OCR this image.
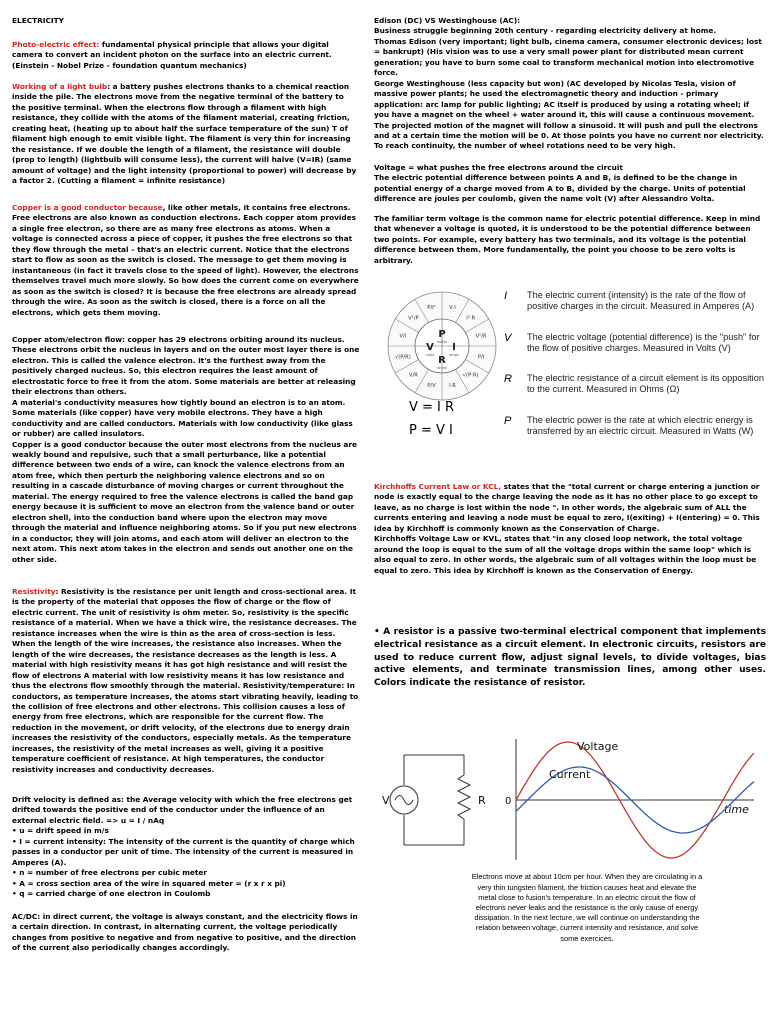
ELECTRICITY

Photo-electric effect: fundamental physical principle that allows your digital camera to convert an incident photon on the surface into an electric current. (Einstein - Nobel Prize - foundation quantum mechanics)

Working of a light bulb: a battery pushes electrons thanks to a chemical reaction inside the pile. The electrons move from the negative terminal of the battery to the positive terminal. When the electrons flow through a filament with high resistance, they collide with the atoms of the filament material, creating friction, creating heat, (heating up to about half the surface temperature of the sun) T of filament high enough to emit visible light. The filament is very thin for increasing the resistance. If we double the length of a filament, the resistance will double (prop to length) (lightbulb will consume less), the current will halve (V=IR) (same amount of voltage) and the light intensity (proportional to power) will decrease by a factor 2. (Cutting a filament = infinite resistance)

Copper is a good conductor because, like other metals, it contains free electrons. Free electrons are also known as conduction electrons. Each copper atom provides a single free electron, so there are as many free electrons as atoms. When a voltage is connected across a piece of copper, it pushes the free electrons so that they flow through the metal – that's an electric current. Notice that the electrons start to flow as soon as the switch is closed. The message to get them moving is instantaneous (in fact it travels close to the speed of light). However, the electrons themselves travel much more slowly. So how does the current come on everywhere as soon as the switch is closed? It is because the free electrons are already spread through the wire. As soon as the switch is closed, there is a force on all the electrons, which gets them moving.

Copper atom/electron flow: copper has 29 electrons orbiting around its nucleus. These electrons orbit the nucleus in layers and on the outer most layer there is one electron. This is called the valence electron. It's the furthest away from the positively charged nucleus. So, this electron requires the least amount of electrostatic force to free it from the atom. Some materials are better at releasing their electrons than others.
A material's conductivity measures how tightly bound an electron is to an atom. Some materials (like copper) have very mobile electrons. They have a high conductivity and are called conductors. Materials with low conductivity (like glass or rubber) are called insulators.
Copper is a good conductor because the outer most electrons from the nucleus are weakly bound and repulsive, such that a small perturbance, like a potential difference between two ends of a wire, can knock the valence electrons from an atom free, which then perturb the neighboring valence electrons and so on resulting in a cascade disturbance of moving charges or current throughout the material. The energy required to free the valence electrons is called the band gap energy because it is sufficient to move an electron from the valence band or outer electron shell, into the conduction band where upon the electron may move through the material and influence neighboring atoms. So if you put new electrons in a conductor, they will join atoms, and each atom will deliver an electron to the next atom. This next atom takes in the electron and sends out another one on the other side.

Resistivity: Resistivity is the resistance per unit length and cross-sectional area. It is the property of the material that opposes the flow of charge or the flow of electric current. The unit of resistivity is ohm meter. So, resistivity is the specific resistance of a material. When we have a thick wire, the resistance decreases. The resistance increases when the wire is thin as the area of cross-section is less. When the length of the wire increases, the resistance also increases. When the length of the wire decreases, the resistance decreases as the length is less. A material with high resistivity means it has got high resistance and will resist the flow of electrons A material with low resistivity means it has low resistance and thus the electrons flow smoothly through the material. Resistivity/temperature: In conductors, as temperature increases, the atoms start vibrating heavily, leading to the collision of free electrons and other electrons. This collision causes a loss of energy from free electrons, which are responsible for the current flow. The reduction in the movement, or drift velocity, of the electrons due to energy drain increases the resistivity of the conductors, especially metals. As the temperature increases, the resistivity of the metal increases as well, giving it a positive temperature coefficient of resistance. At high temperatures, the conductor resistivity increases and conductivity decreases.

Drift velocity is defined as: the Average velocity with which the free electrons get drifted towards the positive end of the conductor under the influence of an external electric field. => u = I / nAq
• u = drift speed in m/s
• I = current intensity: The intensity of the current is the quantity of charge which passes in a conductor per unit of time. The intensity of the current is measured in Amperes (A).
• n = number of free electrons per cubic meter
• A = cross section area of the wire in squared meter = (r x r x pi)
• q = carried charge of one electron in Coulomb

AC/DC: in direct current, the voltage is always constant, and the electricity flows in a certain direction. In contrast, in alternating current, the voltage periodically changes from positive to negative and from negative to positive, and the direction of the current also periodically changes accordingly.

Edison (DC) VS Westinghouse (AC):
Business struggle beginning 20th century - regarding electricity delivery at home.
Thomas Edison (very important; light bulb, cinema camera, consumer electronic devices; lost = bankrupt) (His vision was to use a very small power plant for distributed mean current generation; you have to burn some coal to transform mechanical motion into electromotive force.
George Westinghouse (less capacity but won) (AC developed by Nicolas Tesla, vision of massive power plants; he used the electromagnetic theory and induction - primary application: arc lamp for public lighting; AC itself is produced by using a rotating wheel; if you have a magnet on the wheel + water around it, this will cause a continuous movement. The projected motion of the magnet will follow a sinusoid. It will push and pull the electrons and at a certain time the motion will be 0. At those points you have no current nor electricity. To reach continuity, the number of wheel rotations need to be very high.

Voltage = what pushes the free electrons around the circuit
The electric potential difference between points A and B, is defined to be the change in potential energy of a charge moved from A to B, divided by the charge. Units of potential difference are joules per coulomb, given the name volt (V) after Alessandro Volta.

The familiar term voltage is the common name for electric potential difference. Keep in mind that whenever a voltage is quoted, it is understood to be the potential difference between two points. For example, every battery has two terminals, and its voltage is the potential difference between them. More fundamentally, the point you choose to be zero volts is arbitrary.

P
V I
R
watts
volts	amps
ohms
V·I
I²·R
V²/R
P/I
√(P·R)
I·R
P/V
V/R
√(P/R)
V/I
V²/P
P/I²
V = I R
P = V I
I The electric current (intensity) is the rate of the flow of positive charges in the circuit. Measured in Amperes (A)
V The electric voltage (potential difference) is the "push" for the flow of positive charges. Measured in Volts (V)
R The electric resistance of a circuit element is its opposition to the current. Measured in Ohms (Ω)
P The electric power is the rate at which electric energy is transferred by an electric circuit. Measured in Watts (W)

Kirchhoffs Current Law or KCL, states that the "total current or charge entering a junction or node is exactly equal to the charge leaving the node as it has no other place to go except to leave, as no charge is lost within the node ". In other words, the algebraic sum of ALL the currents entering and leaving a node must be equal to zero, I(exiting) + I(entering) = 0. This idea by Kirchhoff is commonly known as the Conservation of Charge.
Kirchhoffs Voltage Law or KVL, states that "in any closed loop network, the total voltage around the loop is equal to the sum of all the voltage drops within the same loop" which is also equal to zero. In other words, the algebraic sum of all voltages within the loop must be equal to zero. This idea by Kirchhoff is known as the Conservation of Energy.

• A resistor is a passive two-terminal electrical component that implements electrical resistance as a circuit element. In electronic circuits, resistors are used to reduce current flow, adjust signal levels, to divide voltages, bias active elements, and terminate transmission lines, among other uses. Colors indicate the resistance of resistor.

V	R 0
time
Voltage
Current

Electrons move at about 10cm per hour. When they are circulating in a very thin tungsten filament, the friction causes heat and elevate the metal close to fusion's temperature. In an electric circuit the flow of electrons never leaks and the resistance is the only cause of energy dissipation. In the next lecture, we will continue on understanding the relation between voltage, current intensity and resistance, and solve some exercices.
